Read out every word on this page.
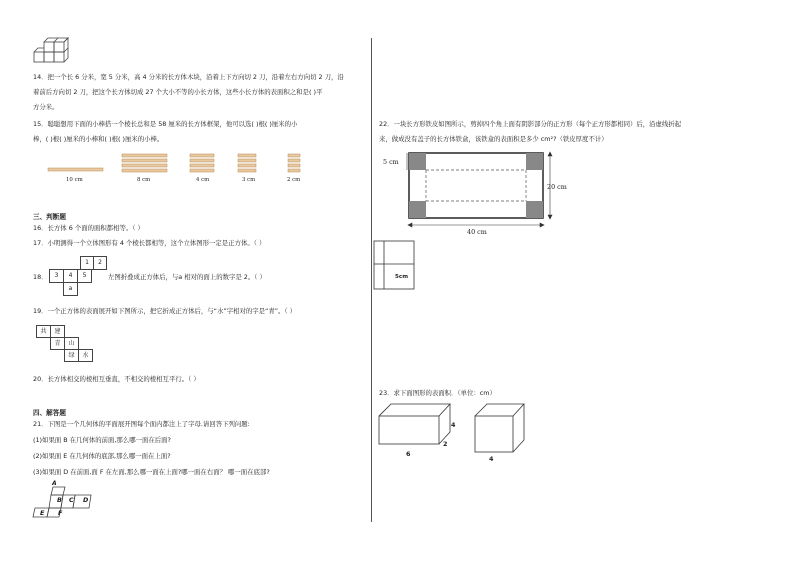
14．把一个长 6 分米，宽 5 分米，高 4 分米的长方体木块，沿着上下方向切 2 刀，沿着左右方向切 2 刀，沿
着前后方向切 2 刀，把这个长方体切成 27 个大小不等的小长方体，这些小长方体的表面积之和是( )平
方分米。
15．聪聪想用下面的小棒搭一个棱长总和是 58 厘米的长方体框架，他可以选( )根( )厘米的小
棒，( )根( )厘米的小棒和( )根( )厘米的小棒。
10 cm	8 cm	4 cm	3 cm	2 cm
三、判断题
16．长方体 6 个面的面积都相等。（ ）
17．小明测得一个立体图形有 4 个棱长都相等，这个立体图形一定是正方体。（ ）
18．
1	2
3	4	5
a
左图折叠成正方体后，与a 相对的面上的数字是 2。（ ）
19．一个正方体的表面展开如下图所示，把它折成正方体后，与“水”字相对的字是“青”。（ ）
共	建
青	山
绿	水
20．长方体相交的棱相互垂直，不相交的棱相互平行。（ ）
四、解答题
21．下图是一个几何体的平面展开图每个面内都注上了字母.请回答下列问题:
(1)如果面 B 在几何体的前面,那么哪一面在后面?
(2)如果面 E 在几何体的底部,那么哪一面在上面?
(3)如果面 D 在前面,面 F 在左面,那么哪一面在上面?哪一面在右面？ 哪一面在底部?
A
B C D
E F
22．一块长方形铁皮如图所示，剪掉四个角上面有阴影部分的正方形（每个正方形都相同）后，沿虚线折起
来，做成没有盖子的长方体铁盒，该铁盒的表面积是多少 cm²?（铁皮厚度不计）
5 cm
20 cm
40 cm
5cm
23．求下面图形的表面积．（单位：cm）
6
4
2
4
